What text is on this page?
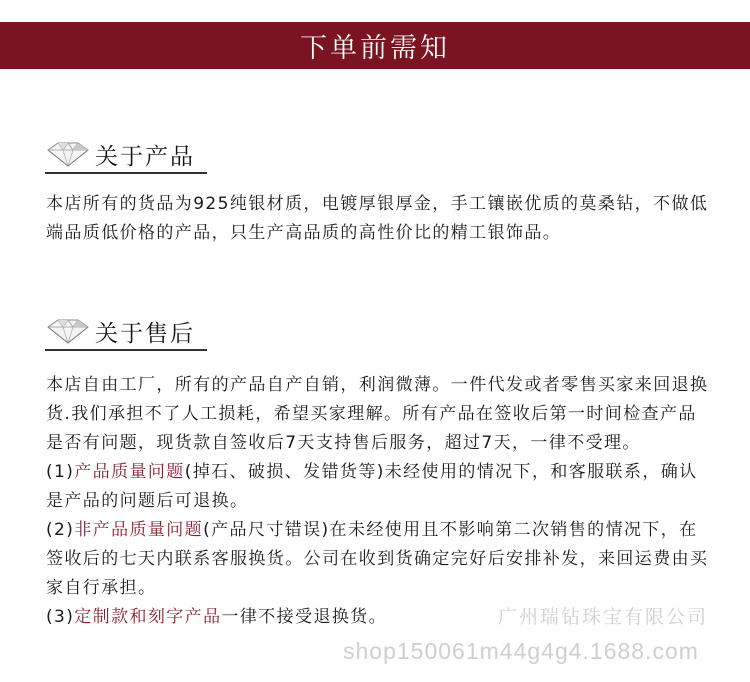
下单前需知
关于产品

本店所有的货品为925纯银材质，电镀厚银厚金，手工镶嵌优质的莫桑钻，不做低端品质低价格的产品，只生产高品质的高性价比的精工银饰品。

关于售后

本店自由工厂，所有的产品自产自销，利润微薄。一件代发或者零售买家来回退换货.我们承担不了人工损耗，希望买家理解。所有产品在签收后第一时间检查产品是否有问题，现货款自签收后7天支持售后服务，超过7天，一律不受理。

(1)产品质量问题(掉石、破损、发错货等)未经使用的情况下，和客服联系，确认是产品的问题后可退换。

(2)非产品质量问题(产品尺寸错误)在未经使用且不影响第二次销售的情况下，在签收后的七天内联系客服换货。公司在收到货确定完好后安排补发，来回运费由买家自行承担。

(3)定制款和刻字产品一律不接受退换货。	广州瑞钻珠宝有限公司
shop150061m44g4g4.1688.com
